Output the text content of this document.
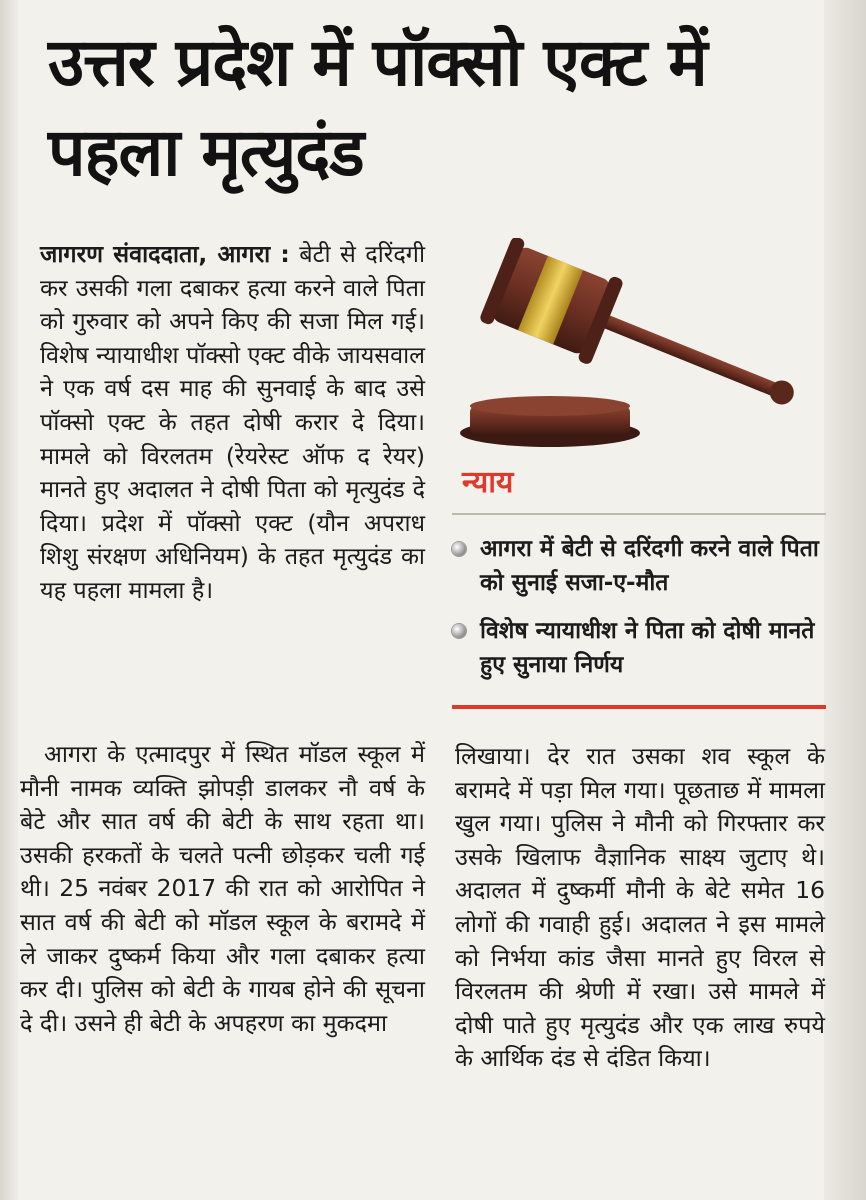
उत्तर प्रदेश में पॉक्सो एक्ट में पहला मृत्युदंड

जागरण संवाददाता, आगरा : बेटी से दरिंदगी कर उसकी गला दबाकर हत्या करने वाले पिता को गुरुवार को अपने किए की सजा मिल गई। विशेष न्यायाधीश पॉक्सो एक्ट वीके जायसवाल ने एक वर्ष दस माह की सुनवाई के बाद उसे पॉक्सो एक्ट के तहत दोषी करार दे दिया। मामले को विरलतम (रेयरेस्ट ऑफ द रेयर) मानते हुए अदालत ने दोषी पिता को मृत्युदंड दे दिया। प्रदेश में पॉक्सो एक्ट (यौन अपराध शिशु संरक्षण अधिनियम) के तहत मृत्युदंड का यह पहला मामला है।

आगरा के एत्मादपुर में स्थित मॉडल स्कूल में मौनी नामक व्यक्ति झोपड़ी डालकर नौ वर्ष के बेटे और सात वर्ष की बेटी के साथ रहता था। उसकी हरकतों के चलते पत्नी छोड़कर चली गई थी। 25 नवंबर 2017 की रात को आरोपित ने सात वर्ष की बेटी को मॉडल स्कूल के बरामदे में ले जाकर दुष्कर्म किया और गला दबाकर हत्या कर दी। पुलिस को बेटी के गायब होने की सूचना दे दी। उसने ही बेटी के अपहरण का मुकदमा

लिखाया। देर रात उसका शव स्कूल के बरामदे में पड़ा मिल गया। पूछताछ में मामला खुल गया। पुलिस ने मौनी को गिरफ्तार कर उसके खिलाफ वैज्ञानिक साक्ष्य जुटाए थे। अदालत में दुष्कर्मी मौनी के बेटे समेत 16 लोगों की गवाही हुई। अदालत ने इस मामले को निर्भया कांड जैसा मानते हुए विरल से विरलतम की श्रेणी में रखा। उसे मामले में दोषी पाते हुए मृत्युदंड और एक लाख रुपये के आर्थिक दंड से दंडित किया।

न्याय
आगरा में बेटी से दरिंदगी करने वाले पिता को सुनाई सजा-ए-मौत
विशेष न्यायाधीश ने पिता को दोषी मानते हुए सुनाया निर्णय
